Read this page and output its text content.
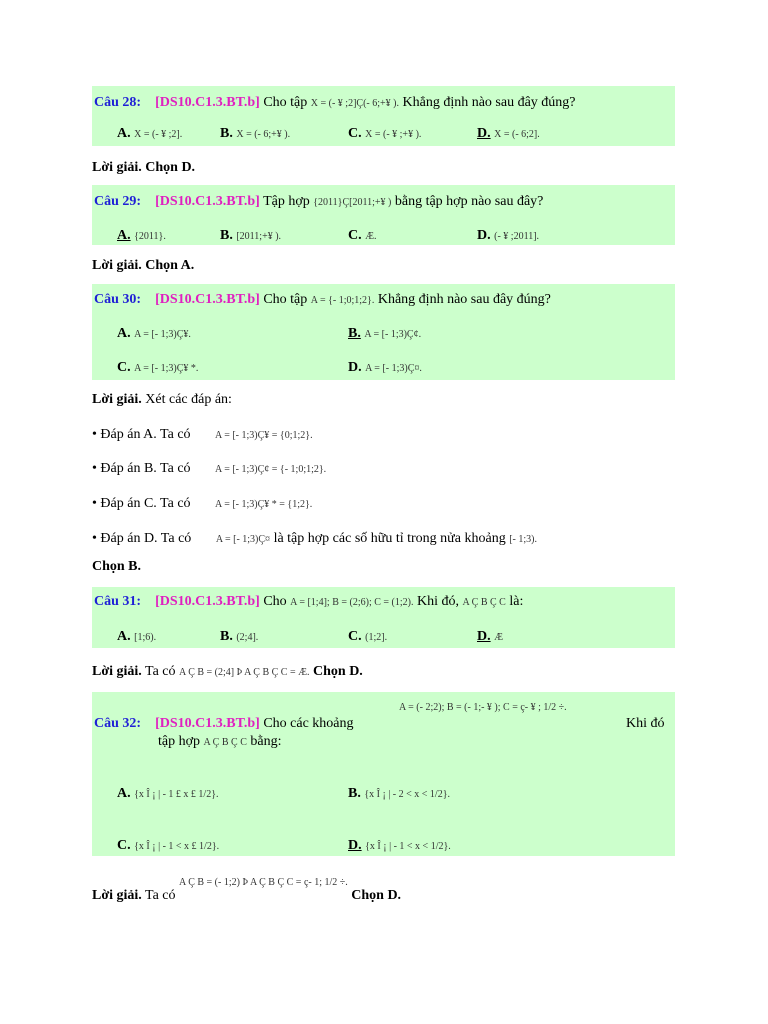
Câu 28: [DS10.C1.3.BT.b] Cho tập X = (- ¥ ;2]Ç(- 6;+¥ ). Khẳng định nào sau đây đúng?
A. X = (- ¥ ;2].	B. X = (- 6;+¥ ).	C. X = (- ¥ ;+¥ ).	D. X = (- 6;2].
Lời giải. Chọn D.
Câu 29: [DS10.C1.3.BT.b] Tập hợp {2011}Ç[2011;+¥ ) bằng tập hợp nào sau đây?
A. {2011}.	B. [2011;+¥ ).	C. Æ.	D. (- ¥ ;2011].
Lời giải. Chọn A.
Câu 30: [DS10.C1.3.BT.b] Cho tập A = {- 1;0;1;2}. Khẳng định nào sau đây đúng?
A. A = [- 1;3)Ç¥.	B. A = [- 1;3)Ç¢.
C. A = [- 1;3)Ç¥ *.	D. A = [- 1;3)Ç¤.
Lời giải. Xét các đáp án:
• Đáp án A. Ta có A = [- 1;3)Ç¥ = {0;1;2}.
• Đáp án B. Ta có A = [- 1;3)Ç¢ = {- 1;0;1;2}.
• Đáp án C. Ta có A = [- 1;3)Ç¥ * = {1;2}.
• Đáp án D. Ta có A = [- 1;3)Ç¤ là tập hợp các số hữu tỉ trong nửa khoảng [- 1;3).
Chọn B.
Câu 31: [DS10.C1.3.BT.b] Cho A = [1;4]; B = (2;6); C = (1;2). Khi đó, A Ç B Ç C là:
A. [1;6).	B. (2;4].	C. (1;2].	D. Æ
Lời giải. Ta có A Ç B = (2;4] Þ A Ç B Ç C = Æ. Chọn D.
A = (- 2;2); B = (- 1;- ¥ ); C = ç- ¥ ; 1/2 ÷.
Câu 32: [DS10.C1.3.BT.b] Cho các khoảng	Khi đó
tập hợp A Ç B Ç C bằng:
A. {x Î ¡ | - 1 £ x £ 1/2}.	B. {x Î ¡ | - 2 < x < 1/2}.
C. {x Î ¡ | - 1 < x £ 1/2}.	D. {x Î ¡ | - 1 < x < 1/2}.
Lời giải. Ta có $^{A Ç B = (- 1;2) Þ A Ç B Ç C = ç- 1; 1/2 \div.}$ Chọn D.
